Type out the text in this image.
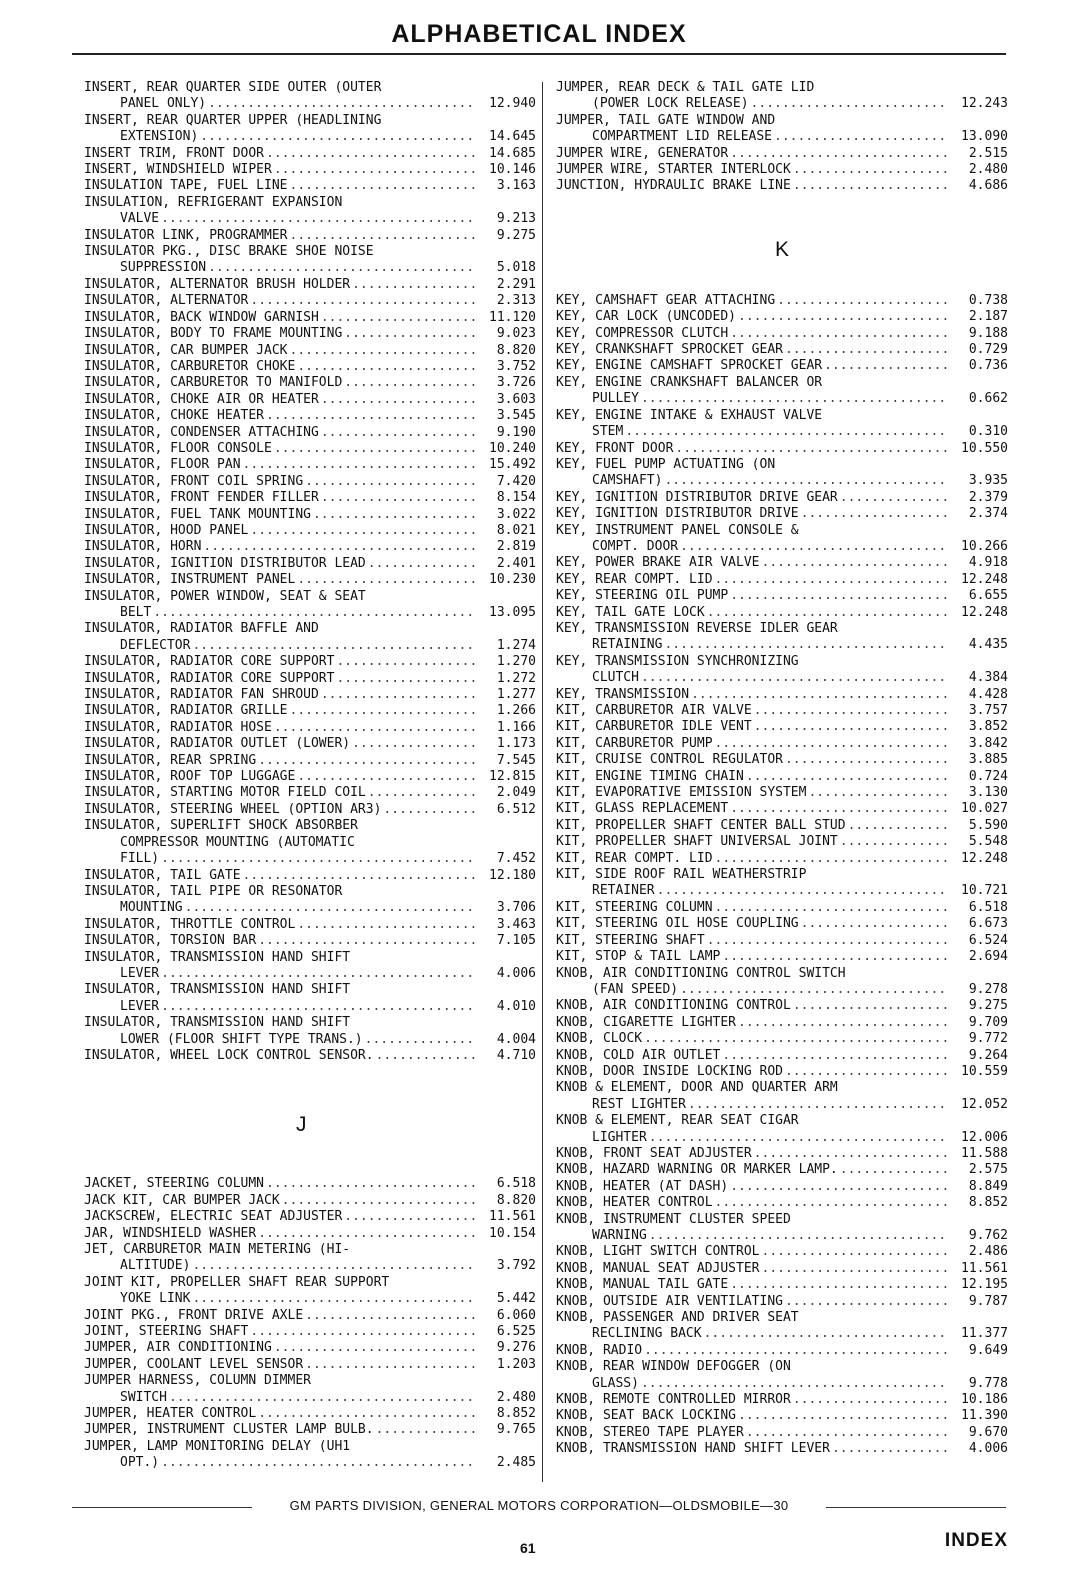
ALPHABETICAL INDEX
INSERT, REAR QUARTER SIDE OUTER (OUTER
PANEL ONLY) .....	12.940
INSERT, REAR QUARTER UPPER (HEADLINING
EXTENSION) .....	14.645
INSERT TRIM, FRONT DOOR .....	14.685
INSERT, WINDSHIELD WIPER .....	10.146
INSULATION TAPE, FUEL LINE .....	3.163
INSULATION, REFRIGERANT EXPANSION
VALVE .....	9.213
INSULATOR LINK, PROGRAMMER .....	9.275
INSULATOR PKG., DISC BRAKE SHOE NOISE
SUPPRESSION .....	5.018
INSULATOR, ALTERNATOR BRUSH HOLDER .....	2.291
INSULATOR, ALTERNATOR .....	2.313
INSULATOR, BACK WINDOW GARNISH .....	11.120
INSULATOR, BODY TO FRAME MOUNTING .....	9.023
INSULATOR, CAR BUMPER JACK .....	8.820
INSULATOR, CARBURETOR CHOKE .....	3.752
INSULATOR, CARBURETOR TO MANIFOLD .....	3.726
INSULATOR, CHOKE AIR OR HEATER .....	3.603
INSULATOR, CHOKE HEATER .....	3.545
INSULATOR, CONDENSER ATTACHING .....	9.190
INSULATOR, FLOOR CONSOLE .....	10.240
INSULATOR, FLOOR PAN .....	15.492
INSULATOR, FRONT COIL SPRING .....	7.420
INSULATOR, FRONT FENDER FILLER .....	8.154
INSULATOR, FUEL TANK MOUNTING .....	3.022
INSULATOR, HOOD PANEL .....	8.021
INSULATOR, HORN .....	2.819
INSULATOR, IGNITION DISTRIBUTOR LEAD .....	2.401
INSULATOR, INSTRUMENT PANEL .....	10.230
INSULATOR, POWER WINDOW, SEAT & SEAT
BELT .....	13.095
INSULATOR, RADIATOR BAFFLE AND
DEFLECTOR .....	1.274
INSULATOR, RADIATOR CORE SUPPORT .....	1.270
INSULATOR, RADIATOR CORE SUPPORT .....	1.272
INSULATOR, RADIATOR FAN SHROUD .....	1.277
INSULATOR, RADIATOR GRILLE .....	1.266
INSULATOR, RADIATOR HOSE .....	1.166
INSULATOR, RADIATOR OUTLET (LOWER) .....	1.173
INSULATOR, REAR SPRING .....	7.545
INSULATOR, ROOF TOP LUGGAGE .....	12.815
INSULATOR, STARTING MOTOR FIELD COIL .....	2.049
INSULATOR, STEERING WHEEL (OPTION AR3) .....	6.512
INSULATOR, SUPERLIFT SHOCK ABSORBER
COMPRESSOR MOUNTING (AUTOMATIC
FILL) .....	7.452
INSULATOR, TAIL GATE .....	12.180
INSULATOR, TAIL PIPE OR RESONATOR
MOUNTING .....	3.706
INSULATOR, THROTTLE CONTROL .....	3.463
INSULATOR, TORSION BAR .....	7.105
INSULATOR, TRANSMISSION HAND SHIFT
LEVER .....	4.006
INSULATOR, TRANSMISSION HAND SHIFT
LEVER .....	4.010
INSULATOR, TRANSMISSION HAND SHIFT
LOWER (FLOOR SHIFT TYPE TRANS.) .....	4.004
INSULATOR, WHEEL LOCK CONTROL SENSOR. .....	4.710
J
JACKET, STEERING COLUMN .....	6.518
JACK KIT, CAR BUMPER JACK .....	8.820
JACKSCREW, ELECTRIC SEAT ADJUSTER .....	11.561
JAR, WINDSHIELD WASHER .....	10.154
JET, CARBURETOR MAIN METERING (HI-
ALTITUDE) .....	3.792
JOINT KIT, PROPELLER SHAFT REAR SUPPORT
YOKE LINK .....	5.442
JOINT PKG., FRONT DRIVE AXLE .....	6.060
JOINT, STEERING SHAFT .....	6.525
JUMPER, AIR CONDITIONING .....	9.276
JUMPER, COOLANT LEVEL SENSOR .....	1.203
JUMPER HARNESS, COLUMN DIMMER
SWITCH .....	2.480
JUMPER, HEATER CONTROL .....	8.852
JUMPER, INSTRUMENT CLUSTER LAMP BULB. .....	9.765
JUMPER, LAMP MONITORING DELAY (UH1
OPT.) .....	2.485
JUMPER, REAR DECK & TAIL GATE LID
(POWER LOCK RELEASE) .....	12.243
JUMPER, TAIL GATE WINDOW AND
COMPARTMENT LID RELEASE .....	13.090
JUMPER WIRE, GENERATOR .....	2.515
JUMPER WIRE, STARTER INTERLOCK .....	2.480
JUNCTION, HYDRAULIC BRAKE LINE .....	4.686
K
KEY, CAMSHAFT GEAR ATTACHING .....	0.738
KEY, CAR LOCK (UNCODED) .....	2.187
KEY, COMPRESSOR CLUTCH .....	9.188
KEY, CRANKSHAFT SPROCKET GEAR .....	0.729
KEY, ENGINE CAMSHAFT SPROCKET GEAR .....	0.736
KEY, ENGINE CRANKSHAFT BALANCER OR
PULLEY .....	0.662
KEY, ENGINE INTAKE & EXHAUST VALVE
STEM .....	0.310
KEY, FRONT DOOR .....	10.550
KEY, FUEL PUMP ACTUATING (ON
CAMSHAFT) .....	3.935
KEY, IGNITION DISTRIBUTOR DRIVE GEAR .....	2.379
KEY, IGNITION DISTRIBUTOR DRIVE .....	2.374
KEY, INSTRUMENT PANEL CONSOLE &
COMPT. DOOR .....	10.266
KEY, POWER BRAKE AIR VALVE .....	4.918
KEY, REAR COMPT. LID .....	12.248
KEY, STEERING OIL PUMP .....	6.655
KEY, TAIL GATE LOCK .....	12.248
KEY, TRANSMISSION REVERSE IDLER GEAR
RETAINING .....	4.435
KEY, TRANSMISSION SYNCHRONIZING
CLUTCH .....	4.384
KEY, TRANSMISSION .....	4.428
KIT, CARBURETOR AIR VALVE .....	3.757
KIT, CARBURETOR IDLE VENT .....	3.852
KIT, CARBURETOR PUMP .....	3.842
KIT, CRUISE CONTROL REGULATOR .....	3.885
KIT, ENGINE TIMING CHAIN .....	0.724
KIT, EVAPORATIVE EMISSION SYSTEM .....	3.130
KIT, GLASS REPLACEMENT .....	10.027
KIT, PROPELLER SHAFT CENTER BALL STUD .....	5.590
KIT, PROPELLER SHAFT UNIVERSAL JOINT .....	5.548
KIT, REAR COMPT. LID .....	12.248
KIT, SIDE ROOF RAIL WEATHERSTRIP
RETAINER .....	10.721
KIT, STEERING COLUMN .....	6.518
KIT, STEERING OIL HOSE COUPLING .....	6.673
KIT, STEERING SHAFT .....	6.524
KIT, STOP & TAIL LAMP .....	2.694
KNOB, AIR CONDITIONING CONTROL SWITCH
(FAN SPEED) .....	9.278
KNOB, AIR CONDITIONING CONTROL .....	9.275
KNOB, CIGARETTE LIGHTER .....	9.709
KNOB, CLOCK .....	9.772
KNOB, COLD AIR OUTLET .....	9.264
KNOB, DOOR INSIDE LOCKING ROD .....	10.559
KNOB & ELEMENT, DOOR AND QUARTER ARM
REST LIGHTER .....	12.052
KNOB & ELEMENT, REAR SEAT CIGAR
LIGHTER .....	12.006
KNOB, FRONT SEAT ADJUSTER .....	11.588
KNOB, HAZARD WARNING OR MARKER LAMP. .....	2.575
KNOB, HEATER (AT DASH) .....	8.849
KNOB, HEATER CONTROL .....	8.852
KNOB, INSTRUMENT CLUSTER SPEED
WARNING .....	9.762
KNOB, LIGHT SWITCH CONTROL .....	2.486
KNOB, MANUAL SEAT ADJUSTER .....	11.561
KNOB, MANUAL TAIL GATE .....	12.195
KNOB, OUTSIDE AIR VENTILATING .....	9.787
KNOB, PASSENGER AND DRIVER SEAT
RECLINING BACK .....	11.377
KNOB, RADIO .....	9.649
KNOB, REAR WINDOW DEFOGGER (ON
GLASS) .....	9.778
KNOB, REMOTE CONTROLLED MIRROR .....	10.186
KNOB, SEAT BACK LOCKING .....	11.390
KNOB, STEREO TAPE PLAYER .....	9.670
KNOB, TRANSMISSION HAND SHIFT LEVER .....	4.006
GM PARTS DIVISION, GENERAL MOTORS CORPORATION—OLDSMOBILE—30
61	INDEX
